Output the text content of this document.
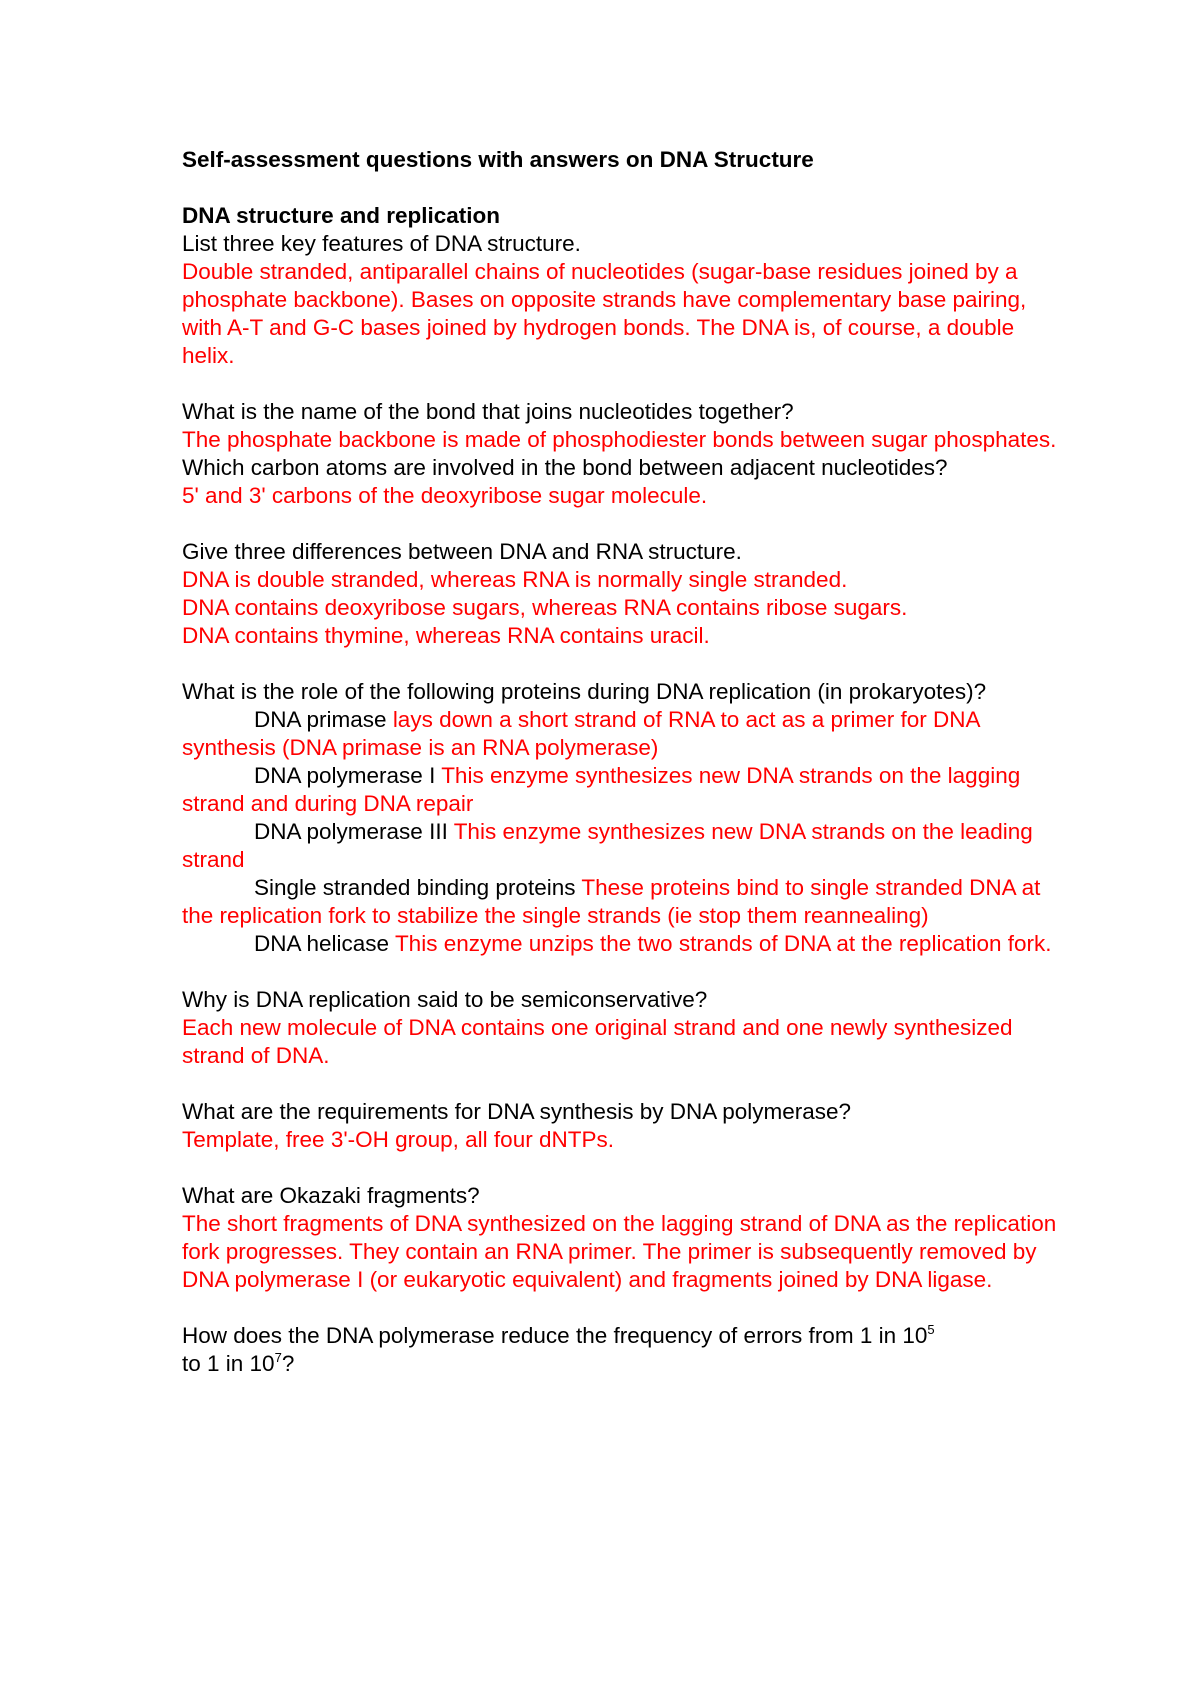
Self-assessment questions with answers on DNA Structure

DNA structure and replication

List three key features of DNA structure.

Double stranded, antiparallel chains of nucleotides (sugar-base residues joined by a phosphate backbone). Bases on opposite strands have complementary base pairing, with A-T and G-C bases joined by hydrogen bonds. The DNA is, of course, a double helix.

What is the name of the bond that joins nucleotides together?

The phosphate backbone is made of phosphodiester bonds between sugar phosphates.

Which carbon atoms are involved in the bond between adjacent nucleotides?

5' and 3' carbons of the deoxyribose sugar molecule.

Give three differences between DNA and RNA structure.

DNA is double stranded, whereas RNA is normally single stranded.

DNA contains deoxyribose sugars, whereas RNA contains ribose sugars.

DNA contains thymine, whereas RNA contains uracil.

What is the role of the following proteins during DNA replication (in prokaryotes)?

DNA primase lays down a short strand of RNA to act as a primer for DNA synthesis (DNA primase is an RNA polymerase)

DNA polymerase I This enzyme synthesizes new DNA strands on the lagging strand and during DNA repair

DNA polymerase III This enzyme synthesizes new DNA strands on the leading strand

Single stranded binding proteins These proteins bind to single stranded DNA at the replication fork to stabilize the single strands (ie stop them reannealing)

DNA helicase This enzyme unzips the two strands of DNA at the replication fork.

Why is DNA replication said to be semiconservative?

Each new molecule of DNA contains one original strand and one newly synthesized strand of DNA.

What are the requirements for DNA synthesis by DNA polymerase?

Template, free 3'-OH group, all four dNTPs.

What are Okazaki fragments?

The short fragments of DNA synthesized on the lagging strand of DNA as the replication fork progresses. They contain an RNA primer. The primer is subsequently removed by DNA polymerase I (or eukaryotic equivalent) and fragments joined by DNA ligase.

How does the DNA polymerase reduce the frequency of errors from 1 in $10^5$
to 1 in $10^7$?
